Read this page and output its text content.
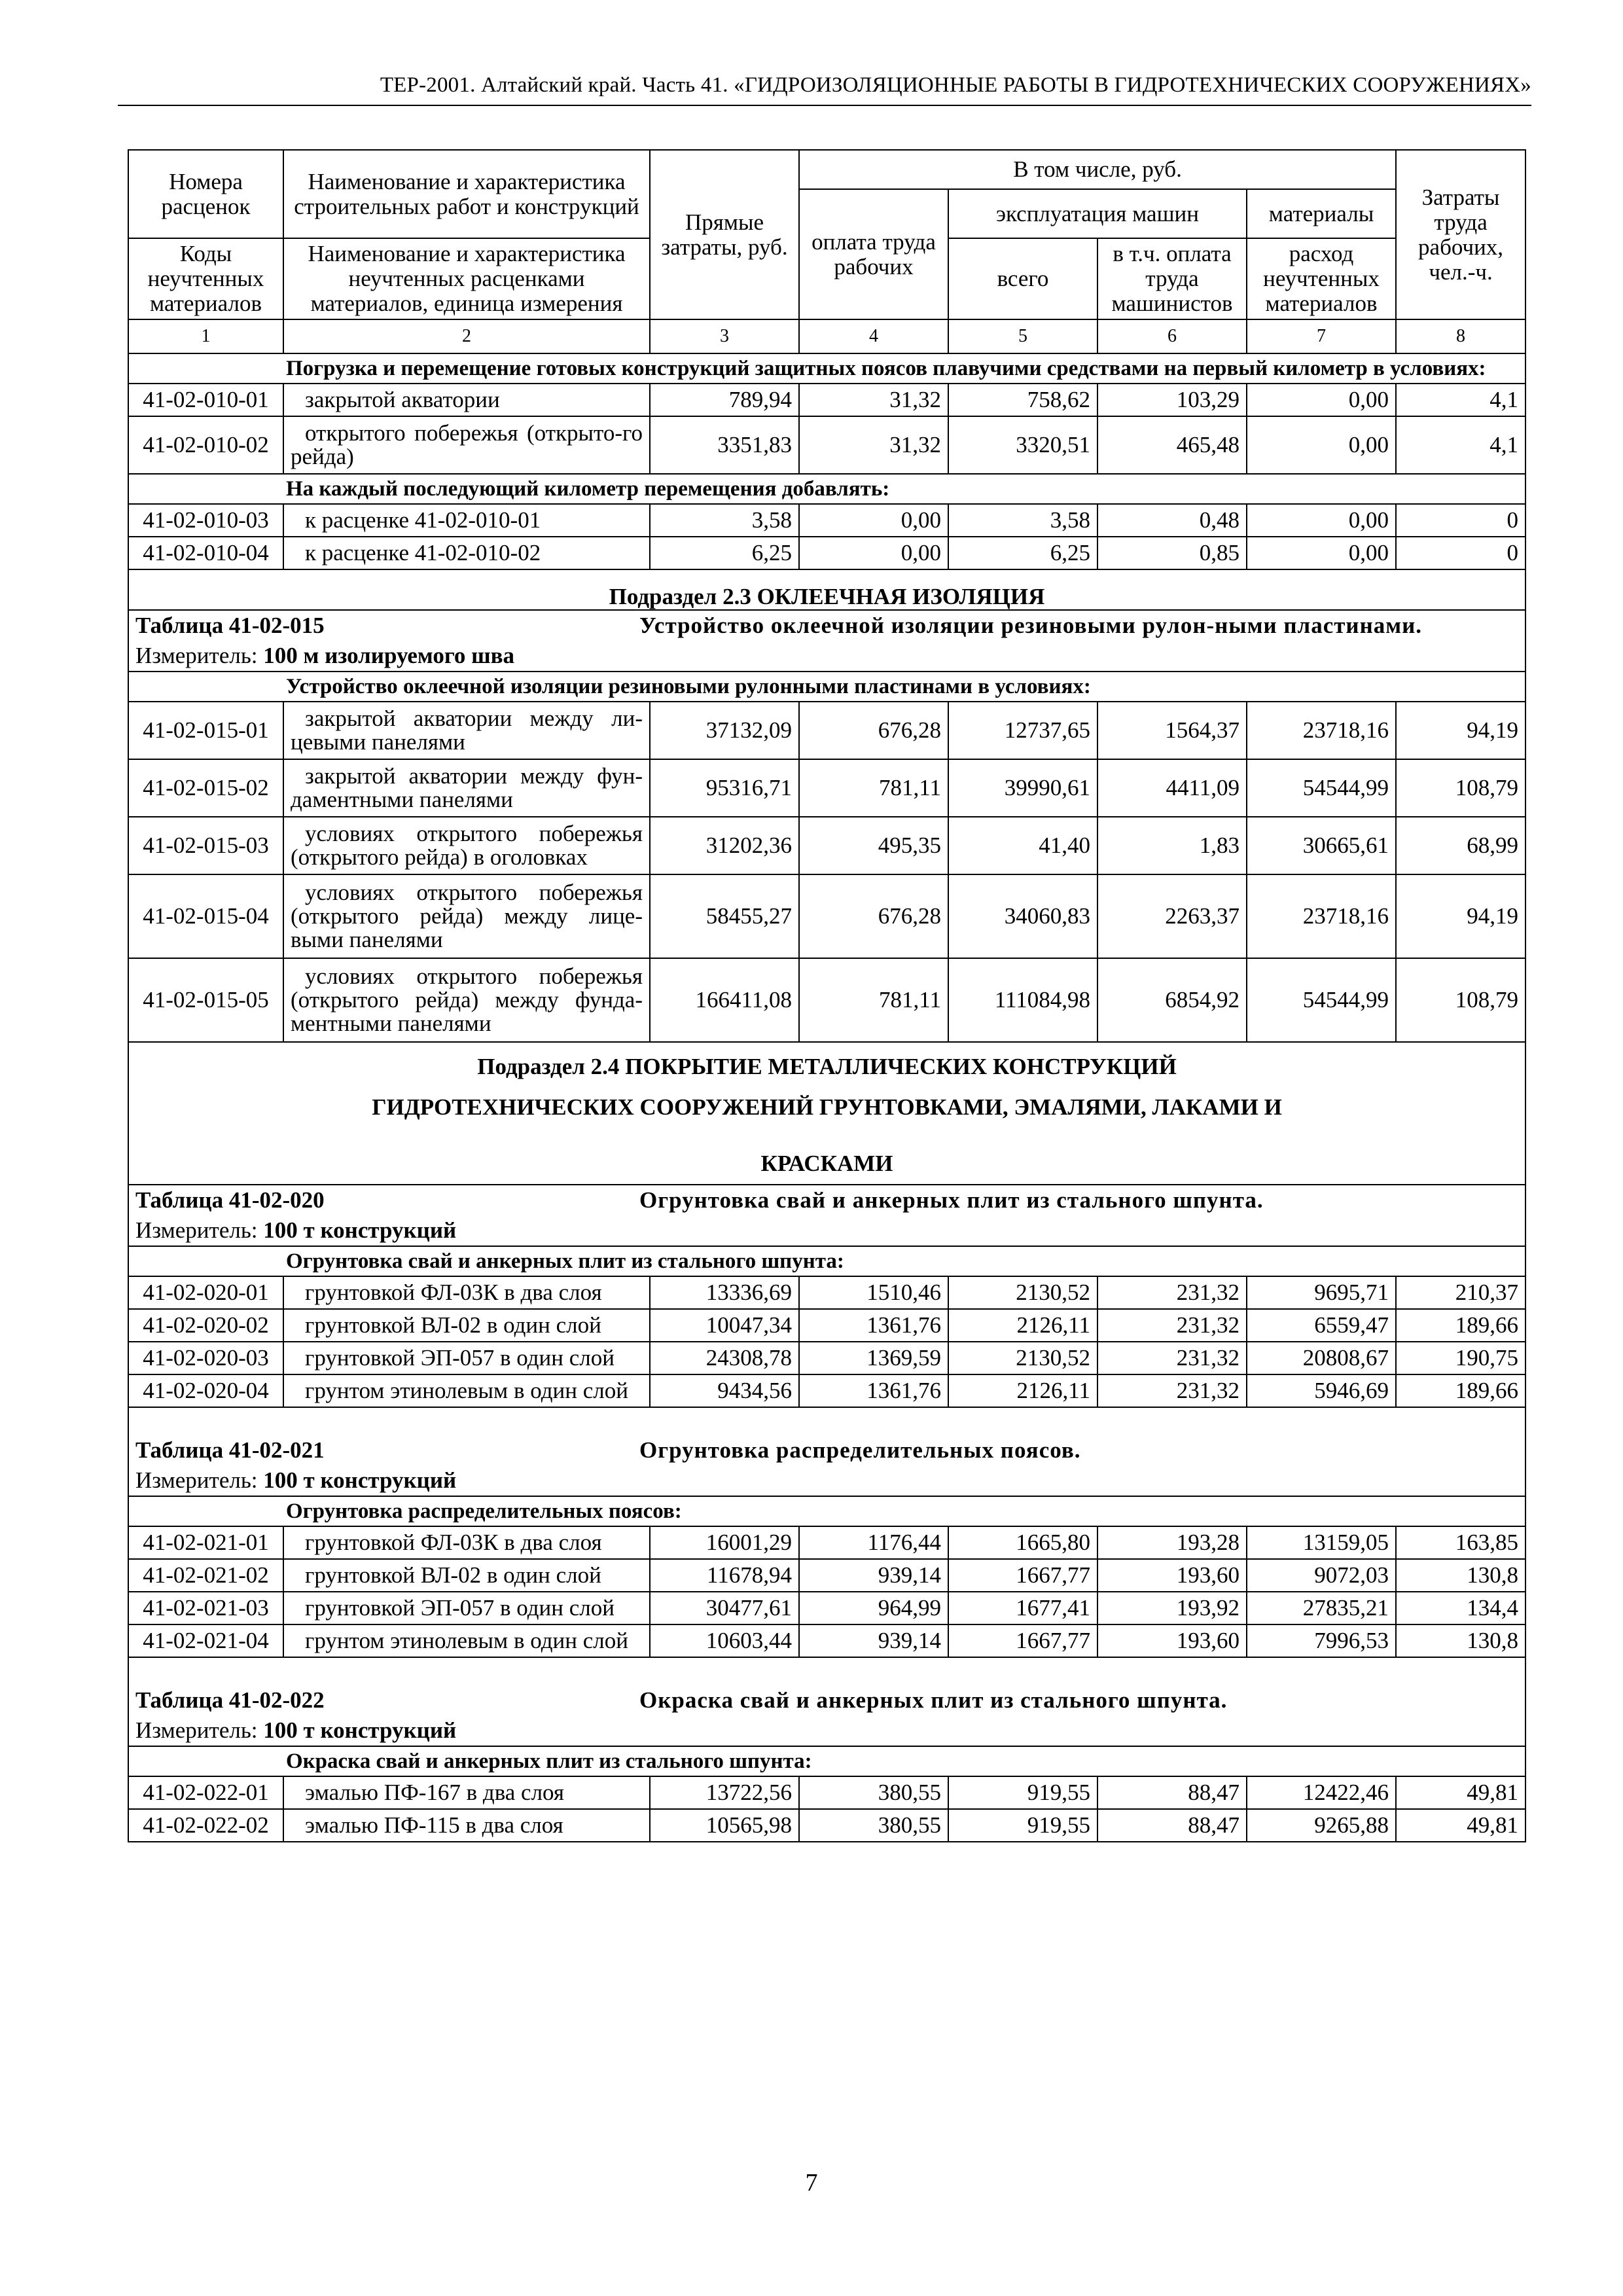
ТЕР-2001. Алтайский край. Часть 41. «ГИДРОИЗОЛЯЦИОННЫЕ РАБОТЫ В ГИДРОТЕХНИЧЕСКИХ СООРУЖЕНИЯХ»
Номера расценок	Наименование и характеристика строительных работ и конструкций	Прямые затраты, руб.	В том числе, руб.				Затраты труда рабочих, чел.-ч.
			оплата труда рабочих	эксплуатация машин		материалы	
Коды неучтенных материалов	Наименование и характеристика неучтенных расценками материалов, единица измерения			всего	в т.ч. оплата труда машинистов	расход неучтенных материалов	
1	2	3	4	5	6	7	8
Погрузка и перемещение готовых конструкций защитных поясов плавучими средствами на первый километр в условиях:							
41-02-010-01	закрытой акватории	789,94	31,32	758,62	103,29	0,00	4,1
41-02-010-02	открытого побережья (открыто-го рейда)	3351,83	31,32	3320,51	465,48	0,00	4,1
На каждый последующий километр перемещения добавлять:							
41-02-010-03	к расценке 41-02-010-01	3,58	0,00	3,58	0,48	0,00	0
41-02-010-04	к расценке 41-02-010-02	6,25	0,00	6,25	0,85	0,00	0
Подраздел 2.3 ОКЛЕЕЧНАЯ ИЗОЛЯЦИЯ							
Таблица 41-02-015 Устройство оклеечной изоляции резиновыми рулон-ными пластинами.							
Измеритель: 100 м изолируемого шва							
Устройство оклеечной изоляции резиновыми рулонными пластинами в условиях:							
41-02-015-01	закрытой акватории между ли-цевыми панелями	37132,09	676,28	12737,65	1564,37	23718,16	94,19
41-02-015-02	закрытой акватории между фун-даментными панелями	95316,71	781,11	39990,61	4411,09	54544,99	108,79
41-02-015-03	условиях открытого побережья (открытого рейда) в оголовках	31202,36	495,35	41,40	1,83	30665,61	68,99
41-02-015-04	условиях открытого побережья (открытого рейда) между лице-выми панелями	58455,27	676,28	34060,83	2263,37	23718,16	94,19
41-02-015-05	условиях открытого побережья (открытого рейда) между фунда-ментными панелями	166411,08	781,11	111084,98	6854,92	54544,99	108,79

Подраздел 2.4 ПОКРЫТИЕ МЕТАЛЛИЧЕСКИХ КОНСТРУКЦИЙ
ГИДРОТЕХНИЧЕСКИХ СООРУЖЕНИЙ ГРУНТОВКАМИ, ЭМАЛЯМИ, ЛАКАМИ И
КРАСКАМИ							

Таблица 41-02-020 Огрунтовка свай и анкерных плит из стального шпунта.							
Измеритель: 100 т конструкций							
Огрунтовка свай и анкерных плит из стального шпунта:							
41-02-020-01	грунтовкой ФЛ-03К в два слоя	13336,69	1510,46	2130,52	231,32	9695,71	210,37
41-02-020-02	грунтовкой ВЛ-02 в один слой	10047,34	1361,76	2126,11	231,32	6559,47	189,66
41-02-020-03	грунтовкой ЭП-057 в один слой	24308,78	1369,59	2130,52	231,32	20808,67	190,75
41-02-020-04	грунтом этинолевым в один слой	9434,56	1361,76	2126,11	231,32	5946,69	189,66
Таблица 41-02-021 Огрунтовка распределительных поясов.							
Измеритель: 100 т конструкций							
Огрунтовка распределительных поясов:							
41-02-021-01	грунтовкой ФЛ-03К в два слоя	16001,29	1176,44	1665,80	193,28	13159,05	163,85
41-02-021-02	грунтовкой ВЛ-02 в один слой	11678,94	939,14	1667,77	193,60	9072,03	130,8
41-02-021-03	грунтовкой ЭП-057 в один слой	30477,61	964,99	1677,41	193,92	27835,21	134,4
41-02-021-04	грунтом этинолевым в один слой	10603,44	939,14	1667,77	193,60	7996,53	130,8
Таблица 41-02-022 Окраска свай и анкерных плит из стального шпунта.							
Измеритель: 100 т конструкций							
Окраска свай и анкерных плит из стального шпунта:							
41-02-022-01	эмалью ПФ-167 в два слоя	13722,56	380,55	919,55	88,47	12422,46	49,81
41-02-022-02	эмалью ПФ-115 в два слоя	10565,98	380,55	919,55	88,47	9265,88	49,81
7
